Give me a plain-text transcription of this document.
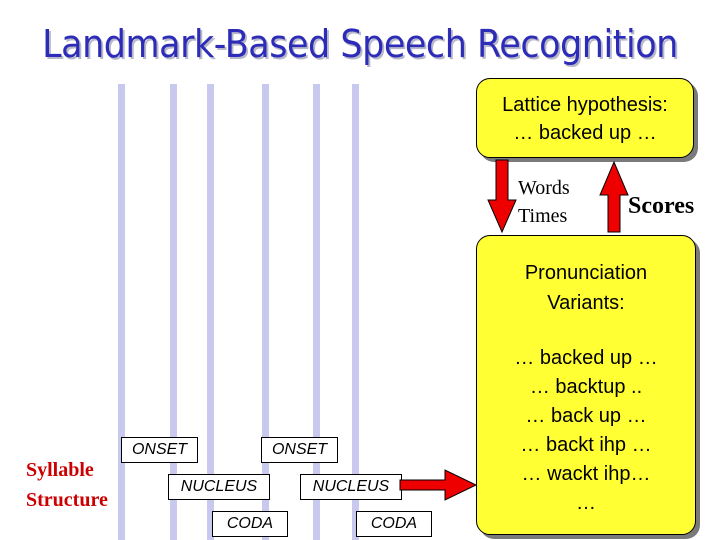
Landmark-Based Speech Recognition
Lattice hypothesis:
… backed up …
Pronunciation
Variants:
… backed up …
… backtup ..
… back up …
… backt ihp …
… wackt ihp…
…
Words
Times	Scores
Syllable
Structure
ONSET	ONSET
NUCLEUS	NUCLEUS
CODA	CODA
